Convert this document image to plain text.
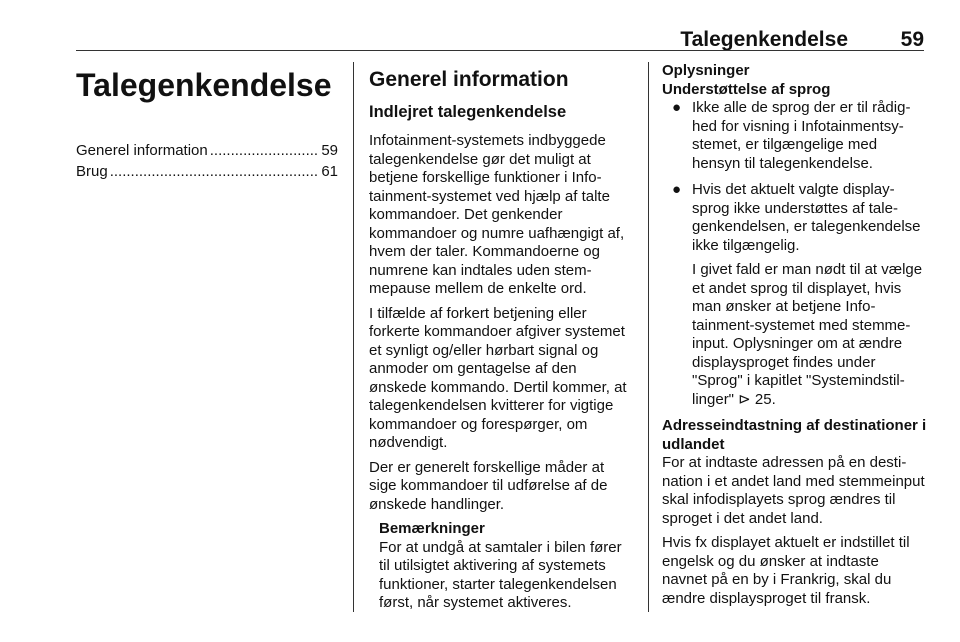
Talegenkendelse	59
Talegenkendelse
Generel information .....	59
Brug .....	61
Generel information
Indlejret talegenkendelse

Infotainment-systemets indbyggede talegenkendelse gør det muligt at betjene forskellige funktioner i Infotainment-systemet ved hjælp af talte kommandoer. Det genkender kommandoer og numre uafhængigt af, hvem der taler. Kommandoerne og numrene kan indtales uden stemmepause mellem de enkelte ord.

I tilfælde af forkert betjening eller forkerte kommandoer afgiver systemet et synligt og/eller hørbart signal og anmoder om gentagelse af den ønskede kommando. Dertil kommer, at talegenkendelsen kvitterer for vigtige kommandoer og forespørger, om nødvendigt.

Der er generelt forskellige måder at sige kommandoer til udførelse af de ønskede handlinger.

Bemærkninger
For at undgå at samtaler i bilen fører til utilsigtet aktivering af systemets funktioner, starter talegenkendelsen først, når systemet aktiveres.
Oplysninger
Understøttelse af sprog
● Ikke alle de sprog der er til rådighed for visning i Infotainmentsystemet, er tilgængelige med hensyn til talegenkendelse.

● Hvis det aktuelt valgte displaysprog ikke understøttes af talegenkendelsen, er talegenkendelse ikke tilgængelig.

I givet fald er man nødt til at vælge et andet sprog til displayet, hvis man ønsker at betjene Infotainment-systemet med stemmeinput. Oplysninger om at ændre displaysproget findes under "Sprog" i kapitlet "Systemindstillinger" ⊳ 25.

Adresseindtastning af destinationer i udlandet

For at indtaste adressen på en destination i et andet land med stemmeinput skal infodisplayets sprog ændres til sproget i det andet land.

Hvis fx displayet aktuelt er indstillet til engelsk og du ønsker at indtaste navnet på en by i Frankrig, skal du ændre displaysproget til fransk.
